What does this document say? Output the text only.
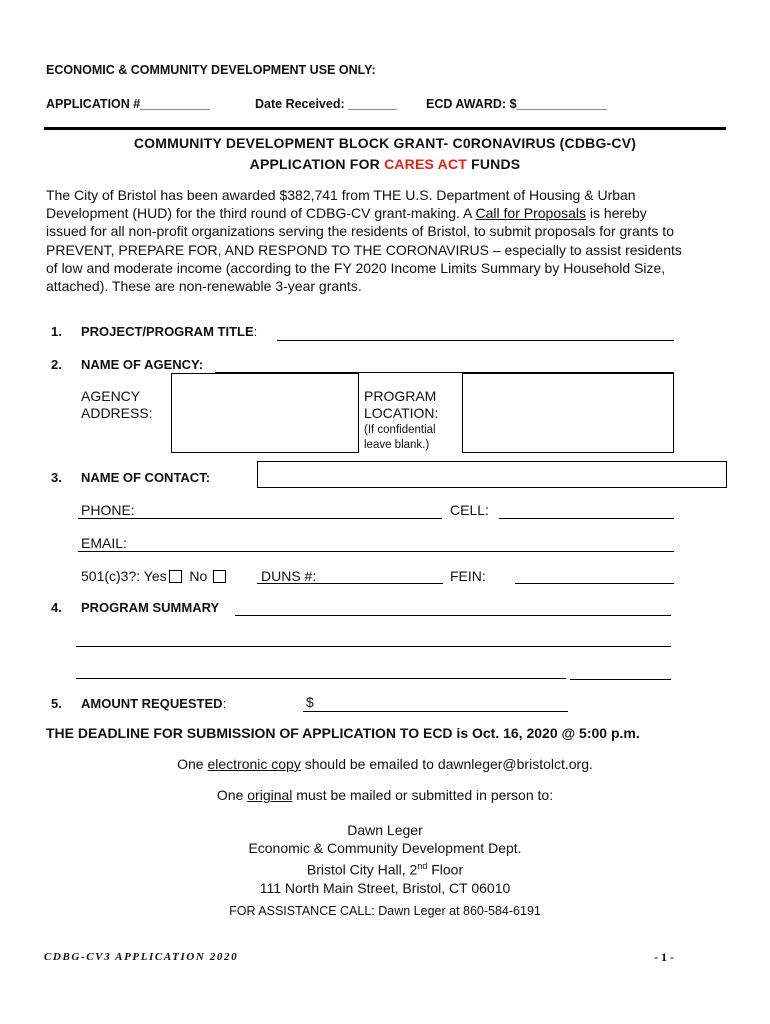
ECONOMIC & COMMUNITY DEVELOPMENT USE ONLY:
APPLICATION #__________	Date Received: _______ ECD AWARD: $_____________
COMMUNITY DEVELOPMENT BLOCK GRANT- C0RONAVIRUS (CDBG-CV)
APPLICATION FOR CARES ACT FUNDS
The City of Bristol has been awarded $382,741 from THE U.S. Department of Housing & Urban Development (HUD) for the third round of CDBG-CV grant-making. A Call for Proposals is hereby issued for all non-profit organizations serving the residents of Bristol, to submit proposals for grants to PREVENT, PREPARE FOR, AND RESPOND TO THE CORONAVIRUS – especially to assist residents of low and moderate income (according to the FY 2020 Income Limits Summary by Household Size, attached). These are non-renewable 3-year grants.
1. PROJECT/PROGRAM TITLE:
2. NAME OF AGENCY:
AGENCY
ADDRESS:
PROGRAM
LOCATION:
(If confidential
leave blank.)
3. NAME OF CONTACT:
PHONE:	CELL:
EMAIL:
501(c)3?: Yes No	DUNS #:	FEIN:
4. PROGRAM SUMMARY
5. AMOUNT REQUESTED:	$
THE DEADLINE FOR SUBMISSION OF APPLICATION TO ECD is Oct. 16, 2020 @ 5:00 p.m.
One electronic copy should be emailed to dawnleger@bristolct.org.
One original must be mailed or submitted in person to:
Dawn Leger
Economic & Community Development Dept.
Bristol City Hall, 2nd Floor
111 North Main Street, Bristol, CT 06010
FOR ASSISTANCE CALL: Dawn Leger at 860-584-6191
CDBG-CV3 APPLICATION 2020	- 1 -
